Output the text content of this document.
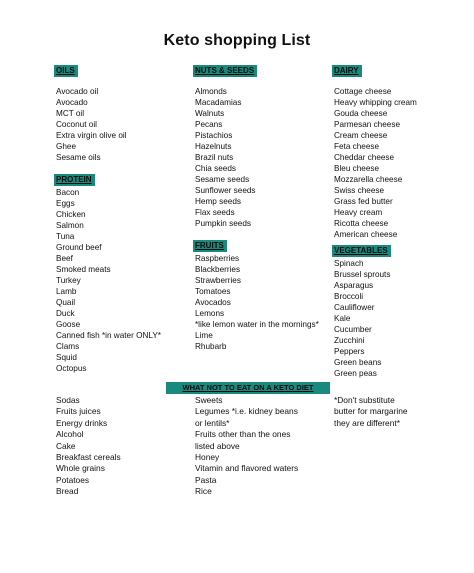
Keto shopping List
OILS
Avocado oil
Avocado
MCT oil
Coconut oil
Extra virgin olive oil
Ghee
Sesame oils
PROTEIN
Bacon
Eggs
Chicken
Salmon
Tuna
Ground beef
Beef
Smoked meats
Turkey
Lamb
Quail
Duck
Goose
Canned fish *in water ONLY*
Clams
Squid
Octopus
NUTS & SEEDS
Almonds
Macadamias
Walnuts
Pecans
Pistachios
Hazelnuts
Brazil nuts
Chia seeds
Sesame seeds
Sunflower seeds
Hemp seeds
Flax seeds
Pumpkin seeds
FRUITS
Raspberries
Blackberries
Strawberries
Tomatoes
Avocados
Lemons
*like lemon water in the mornings*
Lime
Rhubarb
DAIRY
Cottage cheese
Heavy whipping cream
Gouda cheese
Parmesan cheese
Cream cheese
Feta cheese
Cheddar cheese
Bleu cheese
Mozzarella cheese
Swiss cheese
Grass fed butter
Heavy cream
Ricotta cheese
American cheese
VEGETABLES
Spinach
Brussel sprouts
Asparagus
Broccoli
Cauliflower
Kale
Cucumber
Zucchini
Peppers
Green beans
Green peas
WHAT NOT TO EAT ON A KETO DIET
Sodas
Fruits juices
Energy drinks
Alcohol
Cake
Breakfast cereals
Whole grains
Potatoes
Bread
Sweets
Legumes *i.e. kidney beans
or lentils*
Fruits other than the ones
listed above
Honey
Vitamin and flavored waters
Pasta
Rice
*Don't substitute
butter for margarine
they are different*
